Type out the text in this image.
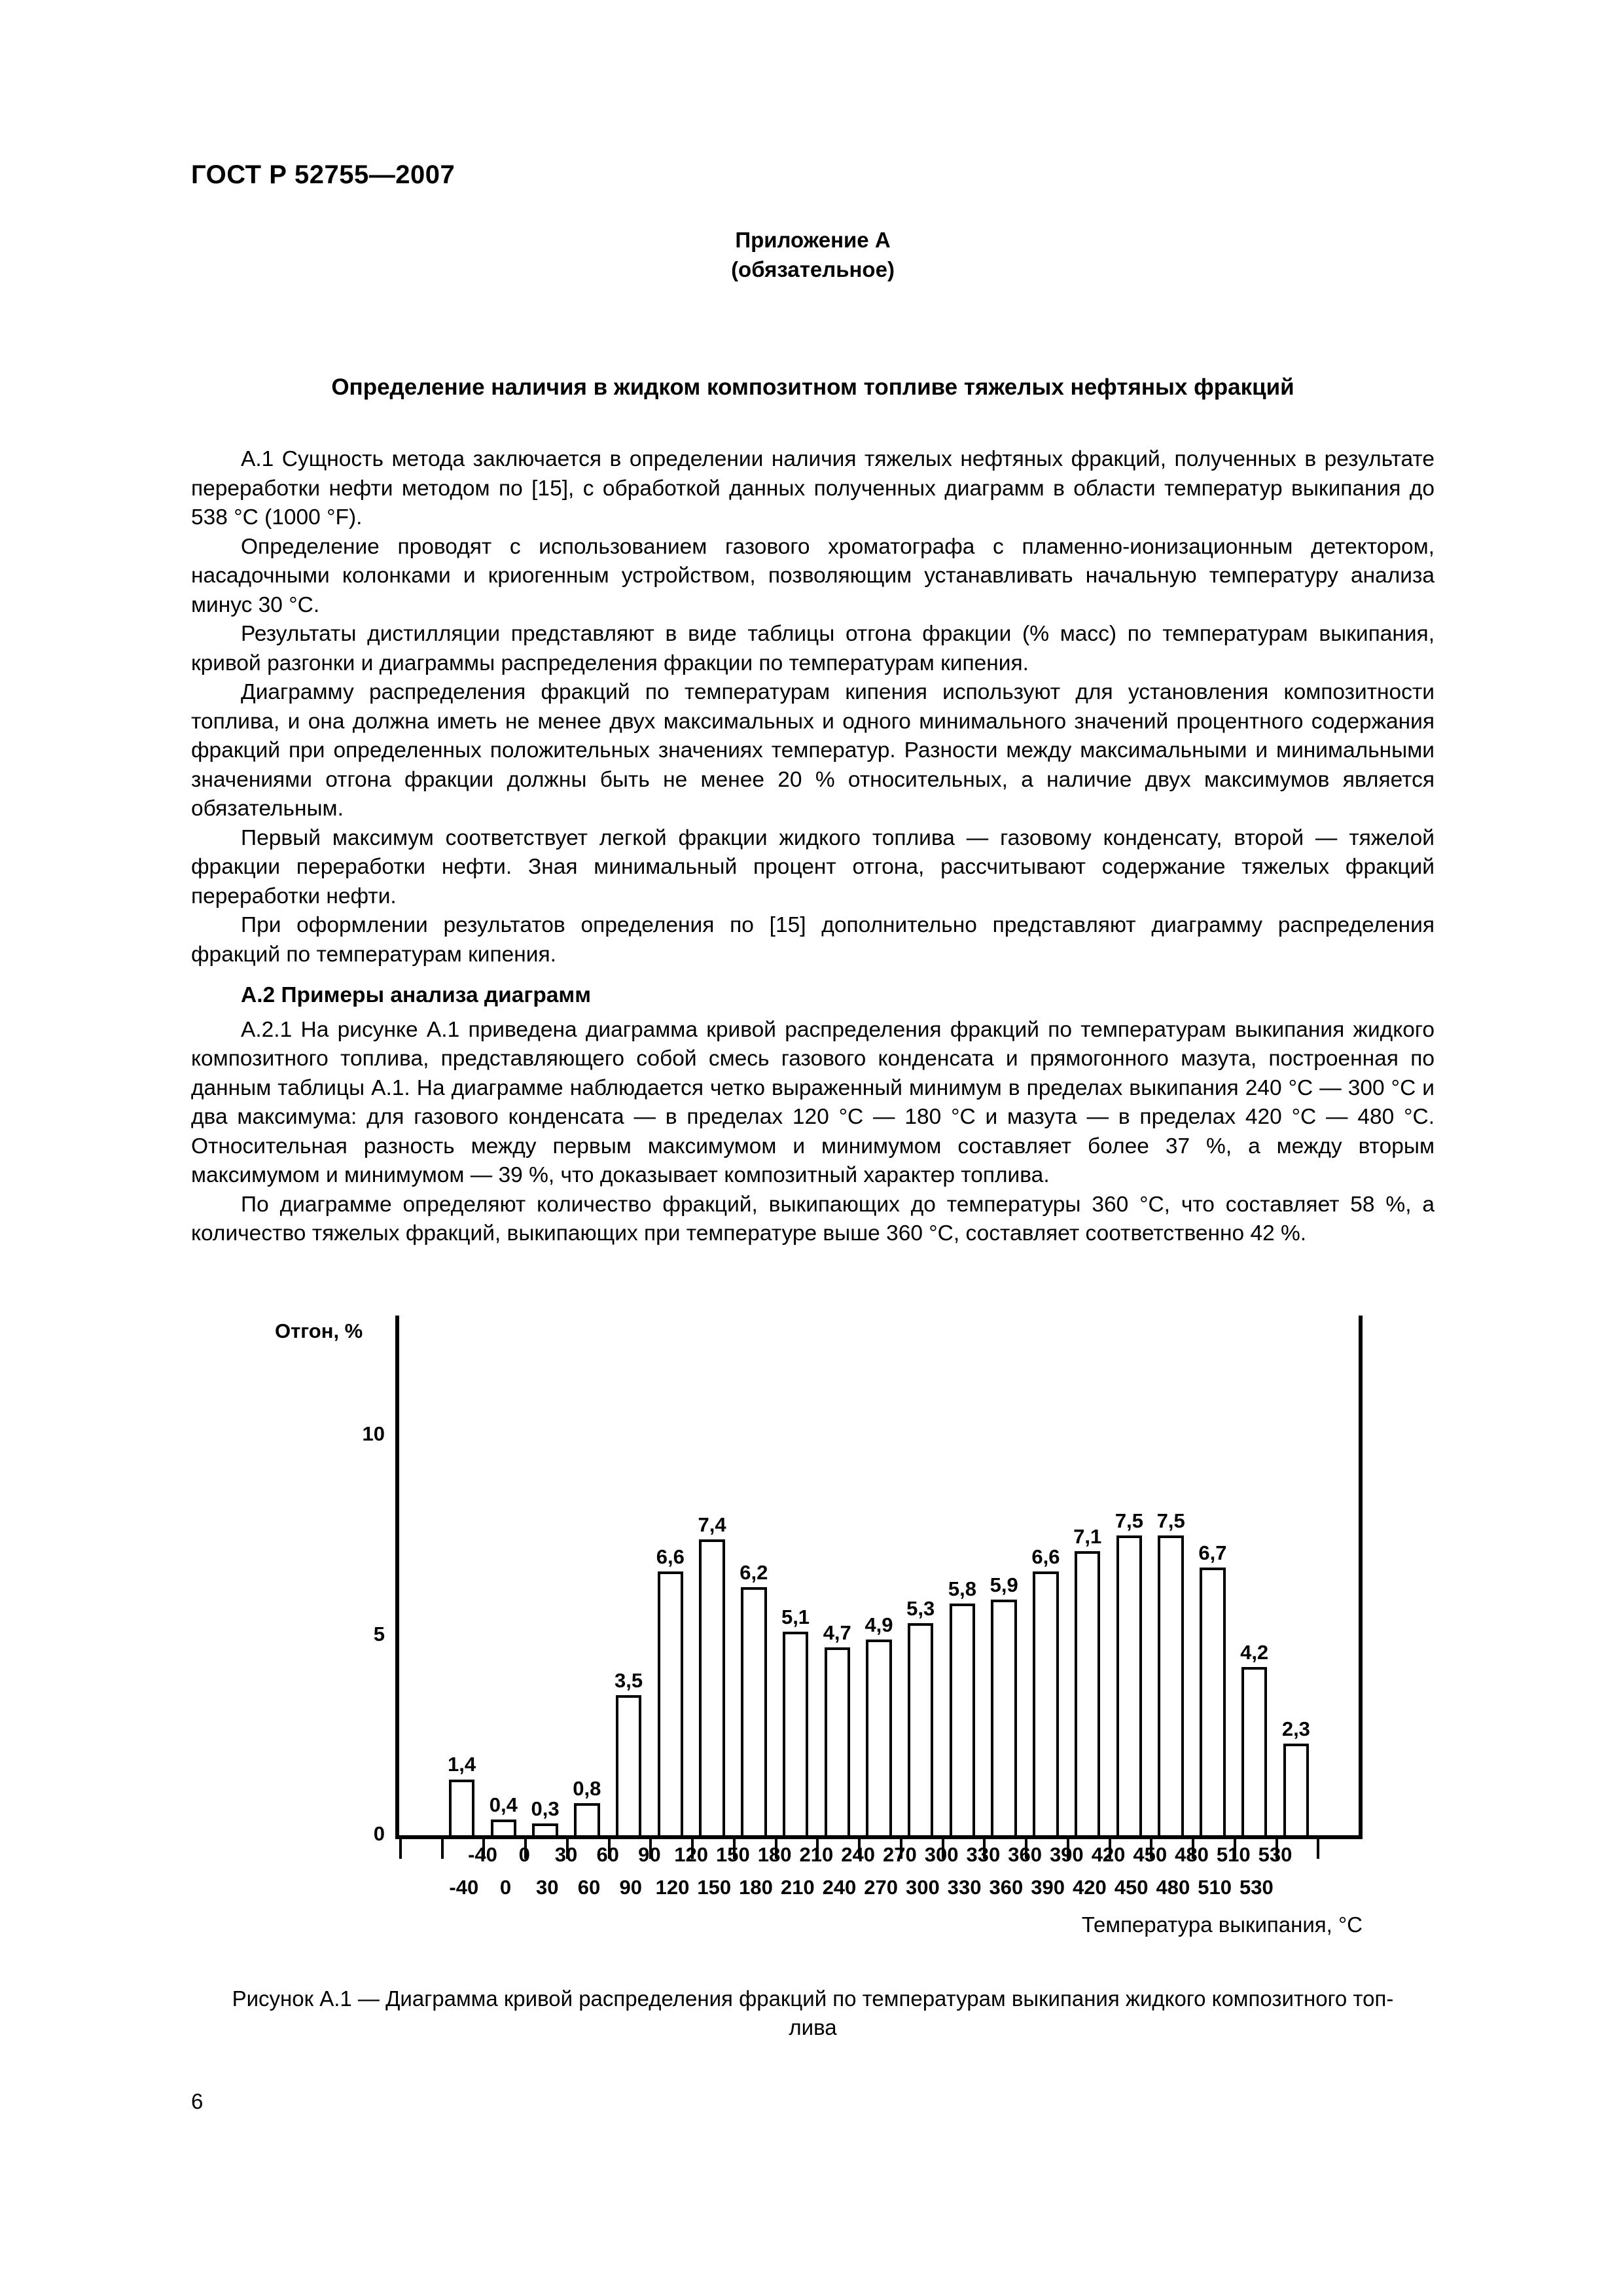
ГОСТ Р 52755—2007
Приложение А
(обязательное)
Определение наличия в жидком композитном топливе тяжелых нефтяных фракций

А.1 Сущность метода заключается в определении наличия тяжелых нефтяных фракций, полученных в результате переработки нефти методом по [15], с обработкой данных полученных диаграмм в области температур выкипания до 538 °С (1000 °F).

Определение проводят с использованием газового хроматографа с пламенно-ионизационным детектором, насадочными колонками и криогенным устройством, позволяющим устанавливать начальную температуру анализа минус 30 °С.

Результаты дистилляции представляют в виде таблицы отгона фракции (% масс) по температурам выкипания, кривой разгонки и диаграммы распределения фракции по температурам кипения.

Диаграмму распределения фракций по температурам кипения используют для установления композитности топлива, и она должна иметь не менее двух максимальных и одного минимального значений процентного содержания фракций при определенных положительных значениях температур. Разности между максимальными и минимальными значениями отгона фракции должны быть не менее 20 % относительных, а наличие двух максимумов является обязательным.

Первый максимум соответствует легкой фракции жидкого топлива — газовому конденсату, второй — тяжелой фракции переработки нефти. Зная минимальный процент отгона, рассчитывают содержание тяжелых фракций переработки нефти.

При оформлении результатов определения по [15] дополнительно представляют диаграмму распределения фракций по температурам кипения.

А.2 Примеры анализа диаграмм

А.2.1 На рисунке А.1 приведена диаграмма кривой распределения фракций по температурам выкипания жидкого композитного топлива, представляющего собой смесь газового конденсата и прямогонного мазута, построенная по данным таблицы А.1. На диаграмме наблюдается четко выраженный минимум в пределах выкипания 240 °С — 300 °С и два максимума: для газового конденсата — в пределах 120 °С — 180 °С и мазута — в пределах 420 °С — 480 °С. Относительная разность между первым максимумом и минимумом составляет более 37 %, а между вторым максимумом и минимумом — 39 %, что доказывает композитный характер топлива.

По диаграмме определяют количество фракций, выкипающих до температуры 360 °С, что составляет 58 %, а количество тяжелых фракций, выкипающих при температуре выше 360 °С, составляет соответственно 42 %.

Отгон, %
0
5
10
1,4
0,4 0,3
0,8
3,5
6,6
7,4
6,2
5,1
4,7 4,9
5,3
5,8 5,9
6,6
7,1
7,5 7,5
6,7
4,2
2,3
-40 0 30 60 90 120 150 180 210 240 270 300 330 360 390 420 450 480 510 530
-40 0 30 60 90 120 150 180 210 240 270 300 330 360 390 420 450 480 510 530
Температура выкипания, °С
Рисунок А.1 — Диаграмма кривой распределения фракций по температурам выкипания жидкого композитного топ-
лива
6
